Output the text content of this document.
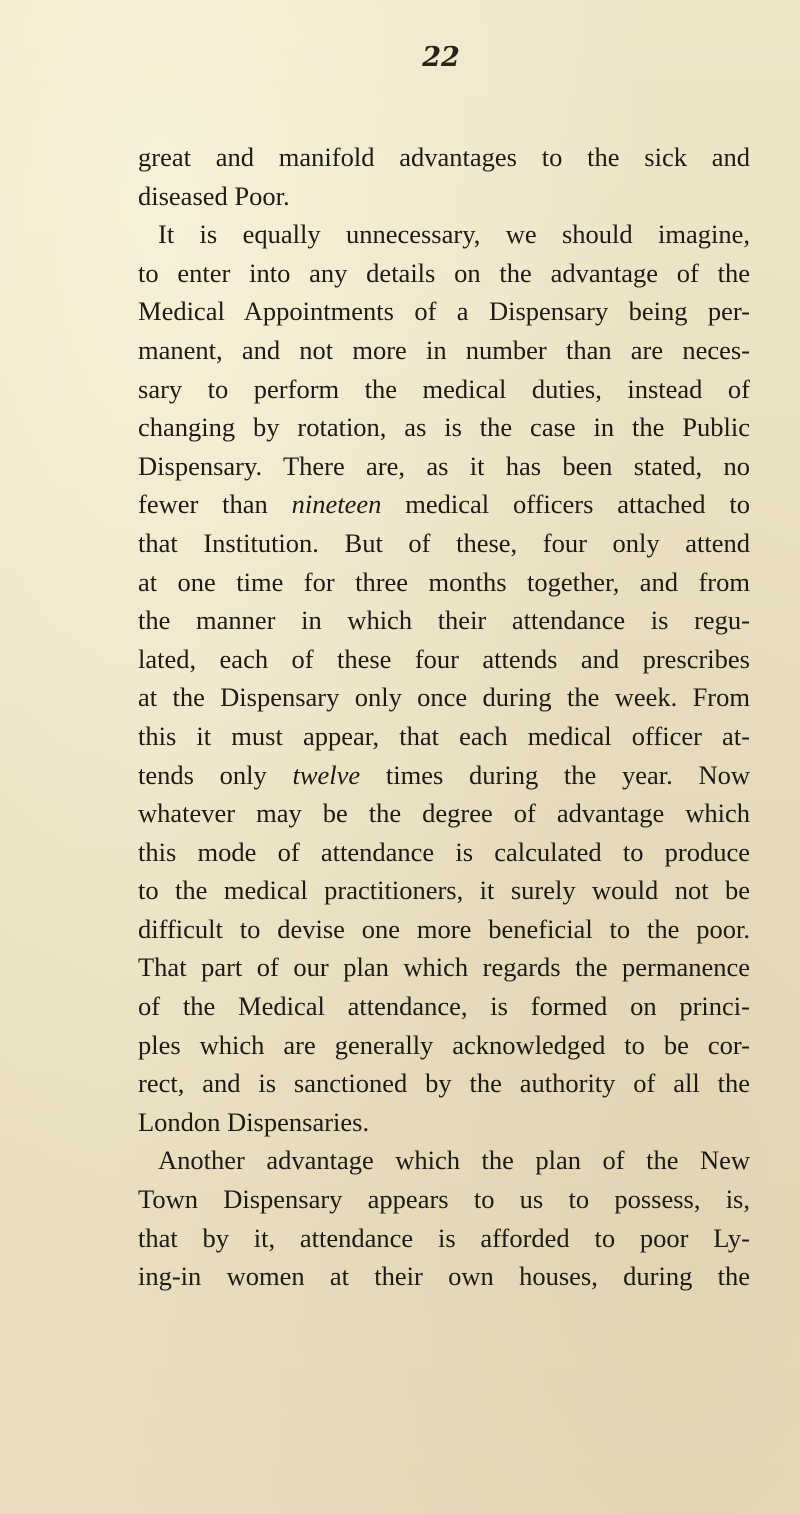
22
great and manifold advantages to the sick and
diseased Poor.
It is equally unnecessary, we should imagine,
to enter into any details on the advantage of the
Medical Appointments of a Dispensary being per-
manent, and not more in number than are neces-
sary to perform the medical duties, instead of
changing by rotation, as is the case in the Public
Dispensary. There are, as it has been stated, no
fewer than nineteen medical officers attached to
that Institution. But of these, four only attend
at one time for three months together, and from
the manner in which their attendance is regu-
lated, each of these four attends and prescribes
at the Dispensary only once during the week. From
this it must appear, that each medical officer at-
tends only twelve times during the year. Now
whatever may be the degree of advantage which
this mode of attendance is calculated to produce
to the medical practitioners, it surely would not be
difficult to devise one more beneficial to the poor.
That part of our plan which regards the permanence
of the Medical attendance, is formed on princi-
ples which are generally acknowledged to be cor-
rect, and is sanctioned by the authority of all the
London Dispensaries.
Another advantage which the plan of the New
Town Dispensary appears to us to possess, is,
that by it, attendance is afforded to poor Ly-
ing-in women at their own houses, during the
